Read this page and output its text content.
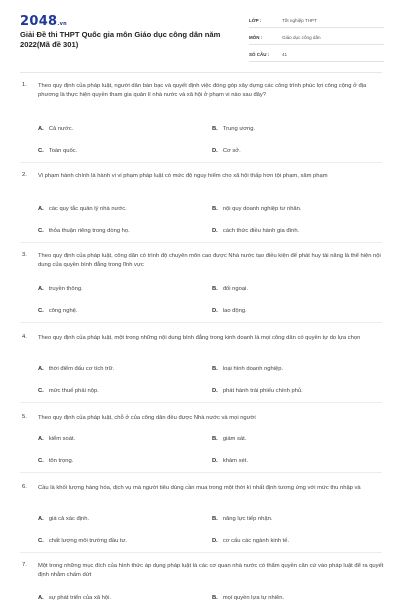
2048.vn
Giải Đề thi THPT Quốc gia môn Giáo dục công dân năm 2022(Mã đề 301)
LỚP :	Tốt nghiệp THPT
MÔN :	Giáo dục công dân
SỐ CÂU :	41
1. Theo quy định của pháp luật, người dân bàn bạc và quyết định việc đóng góp xây dựng các công trình phúc lợi công cộng ở địa phương là thực hiện quyền tham gia quản lí nhà nước và xã hội ở phạm vi nào sau đây?
A. Cả nước.	B. Trung ương.
C. Toàn quốc.	D. Cơ sở.
2. Vi phạm hành chính là hành vi vi phạm pháp luật có mức độ nguy hiểm cho xã hội thấp hơn tội phạm, xâm phạm
A. các quy tắc quản lý nhà nước.	B. nội quy doanh nghiệp tư nhân.
C. thỏa thuận riêng trong dòng họ.	D. cách thức điều hành gia đình.
3. Theo quy định của pháp luật, công dân có trình độ chuyên môn cao được Nhà nước tạo điều kiện để phát huy tài năng là thể hiện nội dung của quyền bình đẳng trong lĩnh vực
A. truyền thông.	B. đối ngoại.
C. công nghệ.	D. lao động.
4. Theo quy định của pháp luật, một trong những nội dung bình đẳng trong kinh doanh là mọi công dân có quyền tự do lựa chọn
A. thời điểm đấu cơ tích trữ.	B. loại hình doanh nghiệp.
C. mức thuế phải nộp.	D. phát hành trái phiếu chính phủ.
5. Theo quy định của pháp luật, chỗ ở của công dân đều được Nhà nước và mọi người
A. kiểm soát.	B. giám sát.
C. tôn trọng.	D. khám xét.
6. Cầu là khối lượng hàng hóa, dịch vụ mà người tiêu dùng cần mua trong một thời kì nhất định tương ứng với mức thu nhập và
A. giá cả xác định.	B. năng lực tiếp nhận.
C. chất lượng môi trường đầu tư.	D. cơ cấu các ngành kinh tế.
7. Một trong những mục đích của hình thức áp dụng pháp luật là các cơ quan nhà nước có thẩm quyền căn cứ vào pháp luật để ra quyết định nhằm chấm dứt
A. sự phát triển của xã hội.	B. mọi quyền lựa tự nhiên.
